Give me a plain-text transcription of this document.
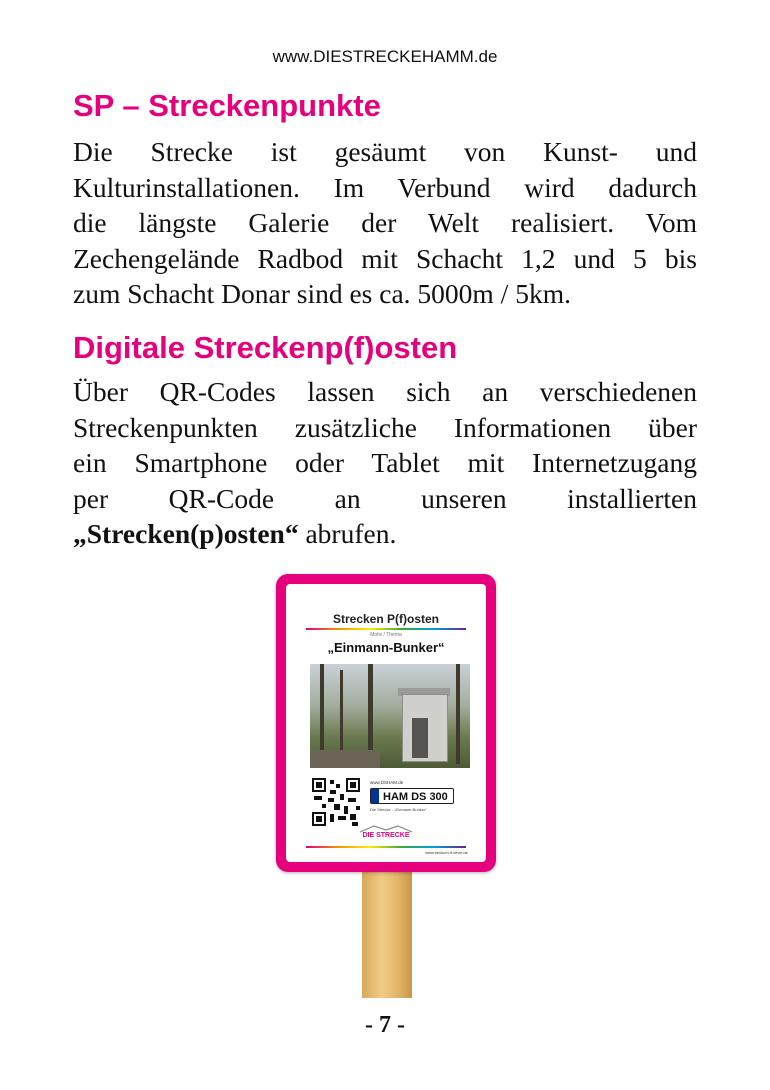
www.DIESTRECKEHAMM.de
SP – Streckenpunkte
Die Strecke ist gesäumt von Kunst- und
Kulturinstallationen. Im Verbund wird dadurch
die längste Galerie der Welt realisiert. Vom
Zechengelände Radbod mit Schacht 1,2 und 5 bis
zum Schacht Donar sind es ca. 5000m / 5km.
Digitale Streckenp(f)osten
Über QR-Codes lassen sich an verschiedenen
Streckenpunkten zusätzliche Informationen über
ein Smartphone oder Tablet mit Internetzugang
per QR-Code an unseren installierten
„Strecken(p)osten“ abrufen.
Strecken P(f)osten
Motiv / Thema
„Einmann-Bunker“
www.DSHAM.de
HAM DS 300
Die Strecke - „Einmann-Bunker“
DIE STRECKE
www.beckum-it.vevel.de
- 7 -
